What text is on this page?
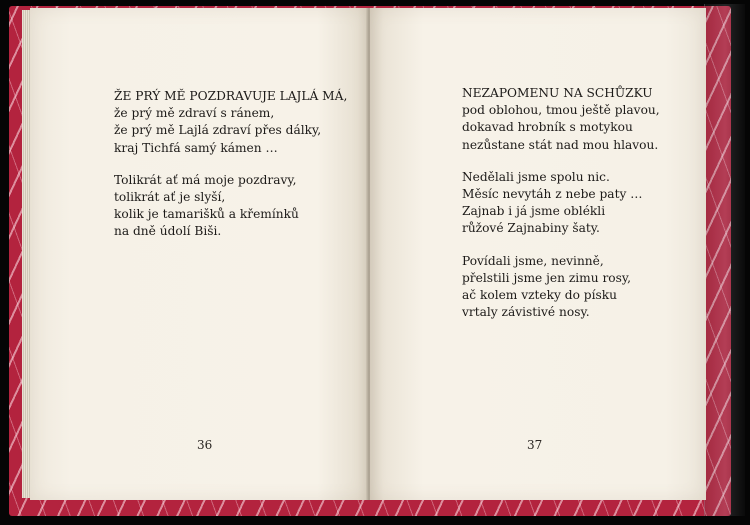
ŽE PRÝ MĚ POZDRAVUJE LAJLÁ MÁ,
že prý mě zdraví s ránem,
že prý mě Lajlá zdraví přes dálky,
kraj Tichfá samý kámen …
Tolikrát ať má moje pozdravy,
tolikrát ať je slyší,
kolik je tamarišků a křemínků
na dně údolí Biši.
36
NEZAPOMENU NA SCHŮZKU
pod oblohou, tmou ještě plavou,
dokavad hrobník s motykou
nezůstane stát nad mou hlavou.
Nedělali jsme spolu nic.
Měsíc nevytáh z nebe paty …
Zajnab i já jsme oblékli
růžové Zajnabiny šaty.
Povídali jsme, nevinně,
přelstili jsme jen zimu rosy,
ač kolem vzteky do písku
vrtaly závistivé nosy.
37
